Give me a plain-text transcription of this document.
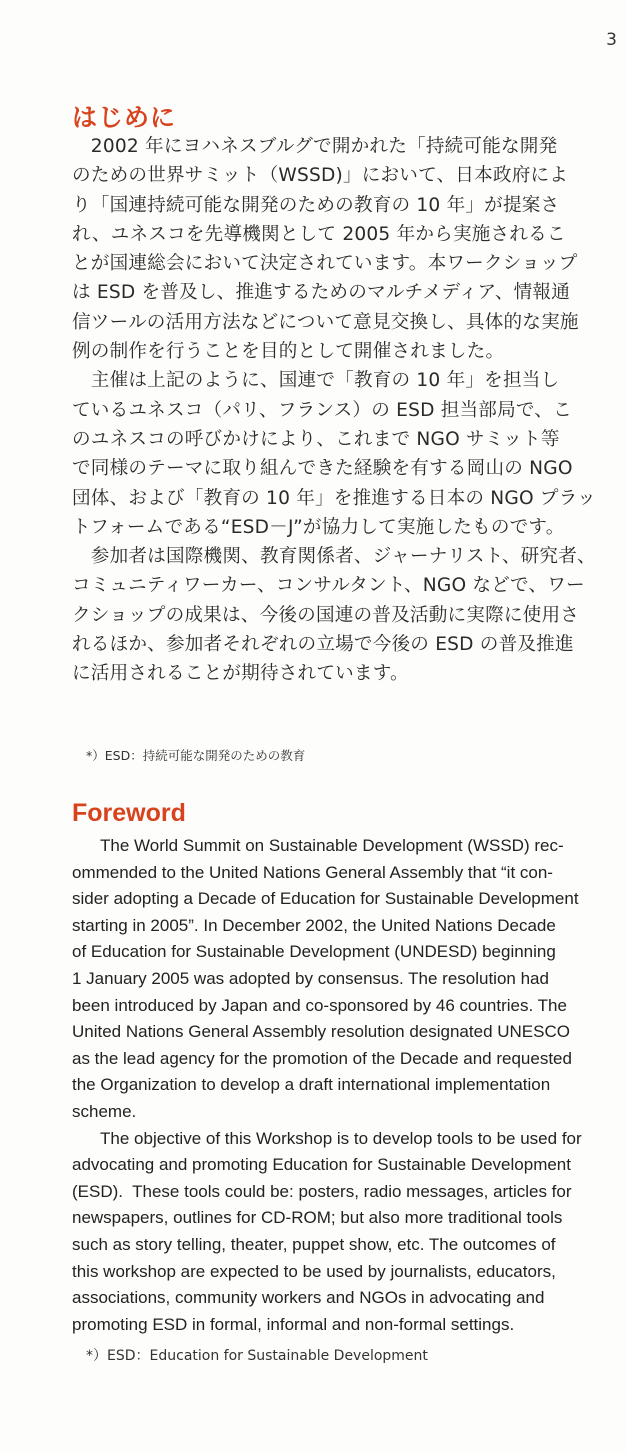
3
はじめに

　2002 年にヨハネスブルグで開かれた「持続可能な開発
のための世界サミット（WSSD)」において、日本政府によ
り「国連持続可能な開発のための教育の 10 年」が提案さ
れ、ユネスコを先導機関として 2005 年から実施されるこ
とが国連総会において決定されています。本ワークショップ
は ESD を普及し、推進するためのマルチメディア、情報通
信ツールの活用方法などについて意見交換し、具体的な実施
例の制作を行うことを目的として開催されました。

　主催は上記のように、国連で「教育の 10 年」を担当し
ているユネスコ（パリ、フランス）の ESD 担当部局で、こ
のユネスコの呼びかけにより、これまで NGO サミット等
で同様のテーマに取り組んできた経験を有する岡山の NGO
団体、および「教育の 10 年」を推進する日本の NGO プラッ
トフォームである“ESD－J”が協力して実施したものです。

　参加者は国際機関、教育関係者、ジャーナリスト、研究者、
コミュニティワーカー、コンサルタント、NGO などで、ワー
クショップの成果は、今後の国連の普及活動に実際に使用さ
れるほか、参加者それぞれの立場で今後の ESD の普及推進
に活用されることが期待されています。

*）ESD：持続可能な開発のための教育
Foreword

The World Summit on Sustainable Development (WSSD) rec-
ommended to the United Nations General Assembly that “it con-
sider adopting a Decade of Education for Sustainable Development
starting in 2005”. In December 2002, the United Nations Decade
of Education for Sustainable Development (UNDESD) beginning
1 January 2005 was adopted by consensus. The resolution had
been introduced by Japan and co-sponsored by 46 countries. The
United Nations General Assembly resolution designated UNESCO
as the lead agency for the promotion of the Decade and requested
the Organization to develop a draft international implementation
scheme.

The objective of this Workshop is to develop tools to be used for
advocating and promoting Education for Sustainable Development
(ESD).  These tools could be: posters, radio messages, articles for
newspapers, outlines for CD-ROM; but also more traditional tools
such as story telling, theater, puppet show, etc. The outcomes of
this workshop are expected to be used by journalists, educators,
associations, community workers and NGOs in advocating and
promoting ESD in formal, informal and non-formal settings.

*）ESD：Education for Sustainable Development
